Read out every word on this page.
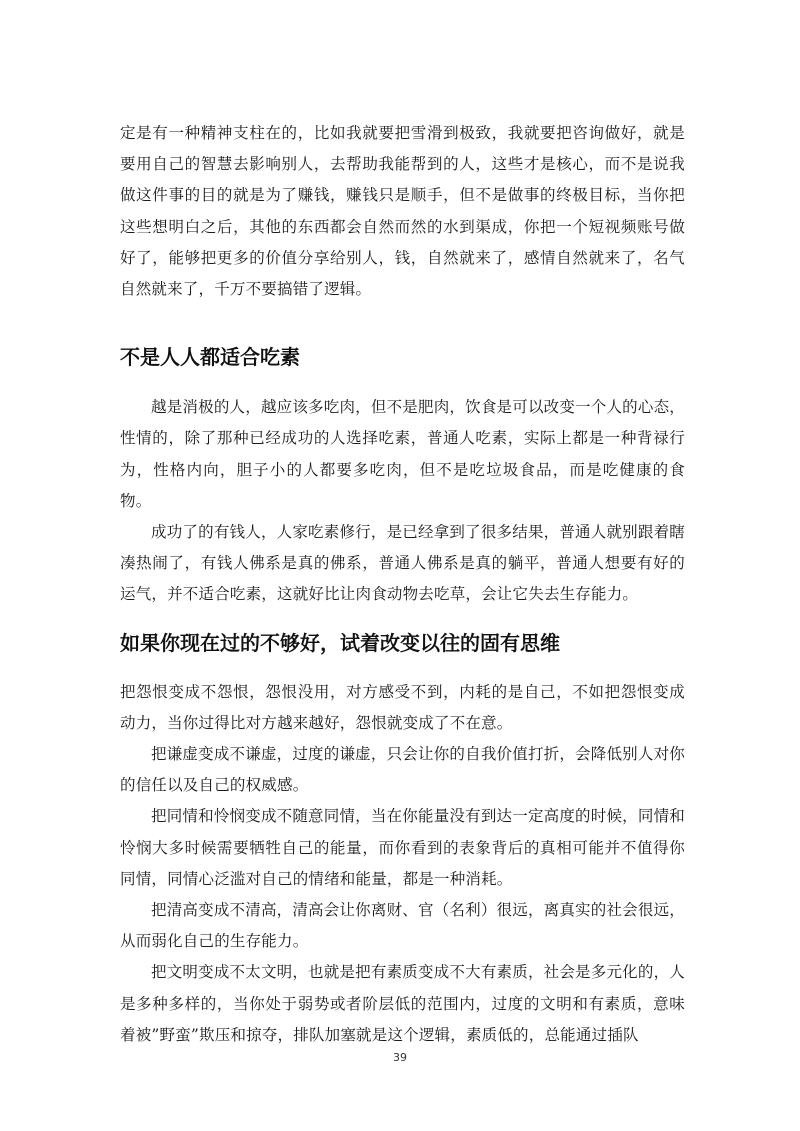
定是有一种精神支柱在的，比如我就要把雪滑到极致，我就要把咨询做好，就是要用自己的智慧去影响别人，去帮助我能帮到的人，这些才是核心，而不是说我做这件事的目的就是为了赚钱，赚钱只是顺手，但不是做事的终极目标，当你把这些想明白之后，其他的东西都会自然而然的水到渠成，你把一个短视频账号做好了，能够把更多的价值分享给别人，钱，自然就来了，感情自然就来了，名气自然就来了，千万不要搞错了逻辑。

不是人人都适合吃素

越是消极的人，越应该多吃肉，但不是肥肉，饮食是可以改变一个人的心态，性情的，除了那种已经成功的人选择吃素，普通人吃素，实际上都是一种背禄行为，性格内向，胆子小的人都要多吃肉，但不是吃垃圾食品，而是吃健康的食物。

成功了的有钱人，人家吃素修行，是已经拿到了很多结果，普通人就别跟着瞎凑热闹了，有钱人佛系是真的佛系，普通人佛系是真的躺平，普通人想要有好的运气，并不适合吃素，这就好比让肉食动物去吃草，会让它失去生存能力。

如果你现在过的不够好，试着改变以往的固有思维

把怨恨变成不怨恨，怨恨没用，对方感受不到，内耗的是自己，不如把怨恨变成动力，当你过得比对方越来越好，怨恨就变成了不在意。

把谦虚变成不谦虚，过度的谦虚，只会让你的自我价值打折，会降低别人对你的信任以及自己的权威感。

把同情和怜悯变成不随意同情，当在你能量没有到达一定高度的时候，同情和怜悯大多时候需要牺牲自己的能量，而你看到的表象背后的真相可能并不值得你同情，同情心泛滥对自己的情绪和能量，都是一种消耗。

把清高变成不清高，清高会让你离财、官（名利）很远，离真实的社会很远，从而弱化自己的生存能力。

把文明变成不太文明，也就是把有素质变成不大有素质，社会是多元化的，人是多种多样的，当你处于弱势或者阶层低的范围内，过度的文明和有素质，意味着被”野蛮”欺压和掠夺，排队加塞就是这个逻辑，素质低的，总能通过插队

39
